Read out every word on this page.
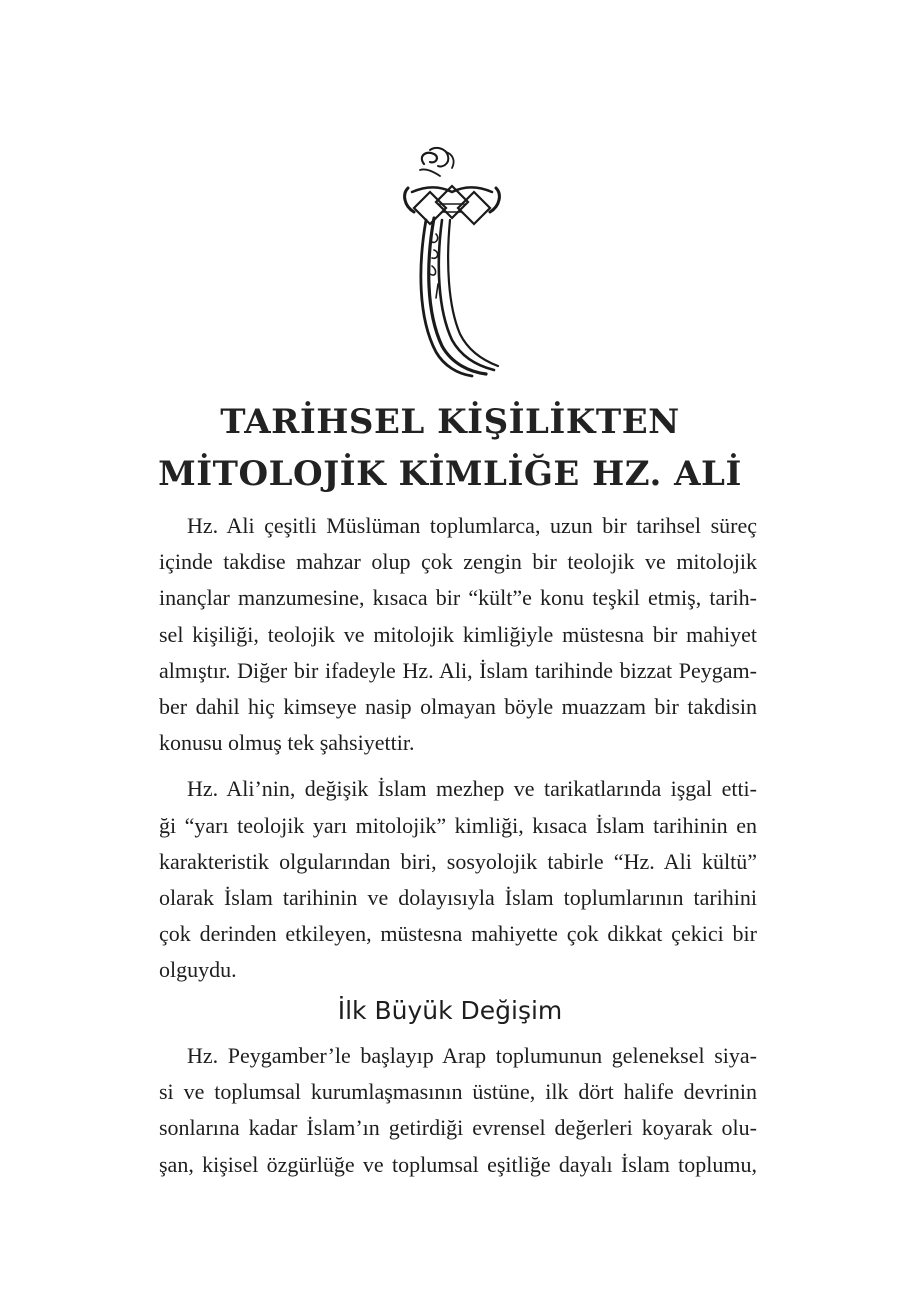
TARİHSEL KİŞİLİKTEN
MİTOLOJİK KİMLİĞE HZ. ALİ
Hz. Ali çeşitli Müslüman toplumlarca, uzun bir tarihsel süreç
içinde takdise mahzar olup çok zengin bir teolojik ve mitolojik
inançlar manzumesine, kısaca bir “kült”e konu teşkil etmiş, tarih-
sel kişiliği, teolojik ve mitolojik kimliğiyle müstesna bir mahiyet
almıştır. Diğer bir ifadeyle Hz. Ali, İslam tarihinde bizzat Peygam-
ber dahil hiç kimseye nasip olmayan böyle muazzam bir takdisin
konusu olmuş tek şahsiyettir.
Hz. Ali’nin, değişik İslam mezhep ve tarikatlarında işgal etti-
ği “yarı teolojik yarı mitolojik” kimliği, kısaca İslam tarihinin en
karakteristik olgularından biri, sosyolojik tabirle “Hz. Ali kültü”
olarak İslam tarihinin ve dolayısıyla İslam toplumlarının tarihini
çok derinden etkileyen, müstesna mahiyette çok dikkat çekici bir
olguydu.
İlk Büyük Değişim
Hz. Peygamber’le başlayıp Arap toplumunun geleneksel siya-
si ve toplumsal kurumlaşmasının üstüne, ilk dört halife devrinin
sonlarına kadar İslam’ın getirdiği evrensel değerleri koyarak olu-
şan, kişisel özgürlüğe ve toplumsal eşitliğe dayalı İslam toplumu,
